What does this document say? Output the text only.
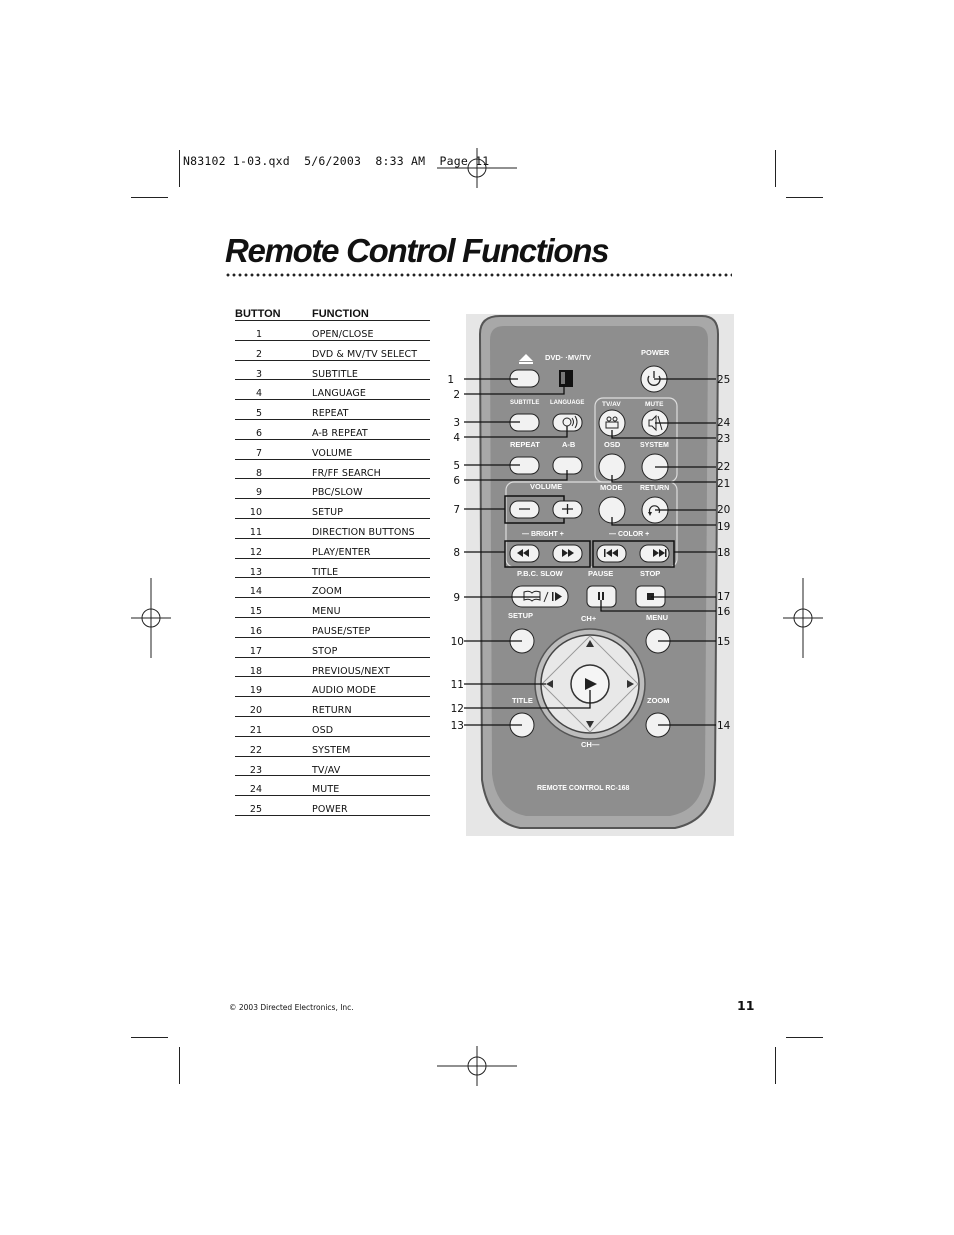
N83102 1-03.qxd  5/6/2003  8:33 AM  Page 11
Remote Control Functions
BUTTON	FUNCTION
1	OPEN/CLOSE
2	DVD & MV/TV SELECT
3	SUBTITLE
4	LANGUAGE
5	REPEAT
6	A-B REPEAT
7	VOLUME
8	FR/FF SEARCH
9	PBC/SLOW
10	SETUP
11	DIRECTION BUTTONS
12	PLAY/ENTER
13	TITLE
14	ZOOM
15	MENU
16	PAUSE/STEP
17	STOP
18	PREVIOUS/NEXT
19	AUDIO MODE
20	RETURN
21	OSD
22	SYSTEM
23	TV/AV
24	MUTE
25	POWER
DVD· ·MV/TV
POWER
SUBTITLE LANGUAGE	TV/AV	MUTE
REPEAT	A-B	OSD	SYSTEM
VOLUME	MODE	RETURN
— BRIGHT +	— COLOR +
P.B.C. SLOW	PAUSE	STOP
SETUP	CH+	MENU
TITLE	ZOOM
CH—
REMOTE CONTROL RC-168
1
2
3
4
5
6
7
8
9
10
11
12
13
25
24
23
22
21
20
19
18
17
16
15
14
© 2003 Directed Electronics, Inc.	11
